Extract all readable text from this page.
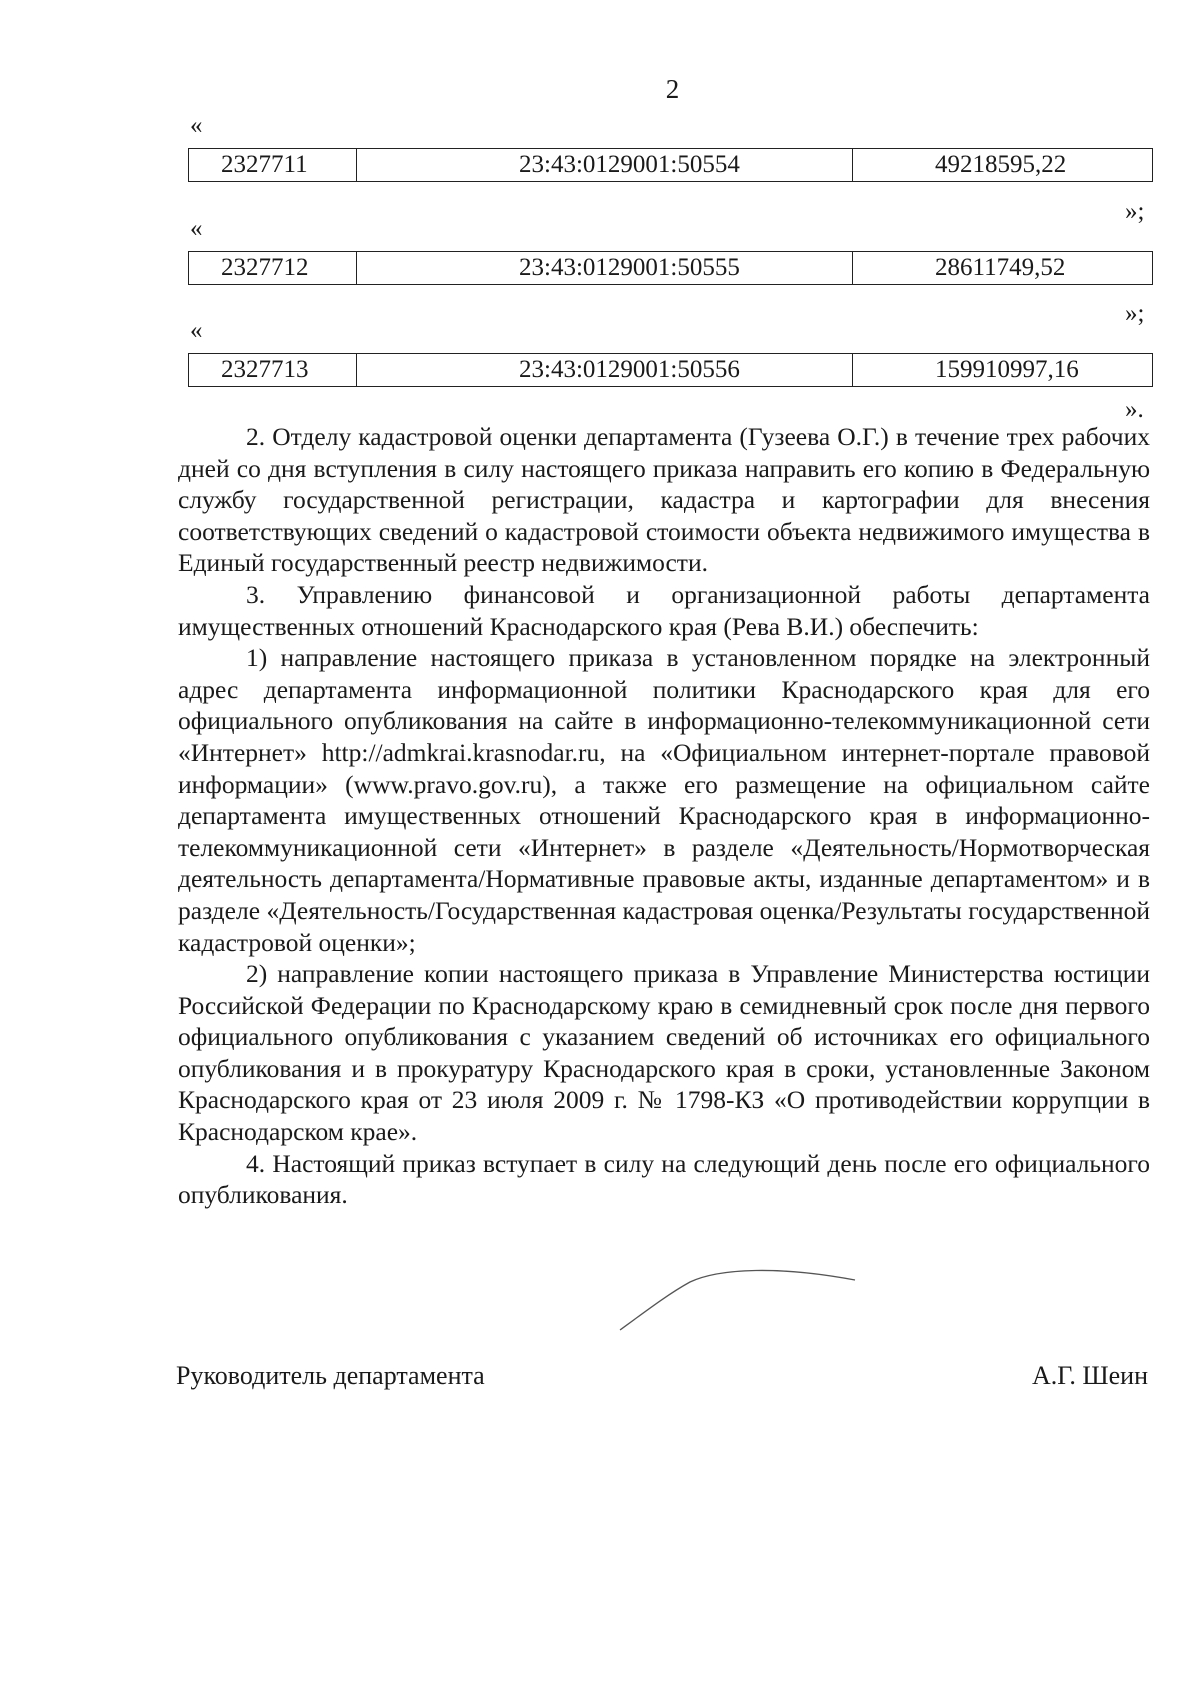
2
«
2327711	23:43:0129001:50554	49218595,22
»;
«
2327712	23:43:0129001:50555	28611749,52
»;
«
2327713	23:43:0129001:50556	159910997,16
».

2. Отделу кадастровой оценки департамента (Гузеева О.Г.) в течение трех рабочих дней со дня вступления в силу настоящего приказа направить его копию в Федеральную службу государственной регистрации, кадастра и картографии для внесения соответствующих сведений о кадастровой стоимости объекта недвижимого имущества в Единый государственный реестр недвижимости.

3. Управлению финансовой и организационной работы департамента имущественных отношений Краснодарского края (Рева В.И.) обеспечить:

1) направление настоящего приказа в установленном порядке на электронный адрес департамента информационной политики Краснодарского края для его официального опубликования на сайте в информационно-телекоммуникационной сети «Интернет» http://admkrai.krasnodar.ru, на «Официальном интернет-портале правовой информации» (www.pravo.gov.ru), а также его размещение на официальном сайте департамента имущественных отношений Краснодарского края в информационно-телекоммуникационной сети «Интернет» в разделе «Деятельность/Нормотворческая деятельность департамента/Нормативные правовые акты, изданные департаментом» и в разделе «Деятельность/Государственная кадастровая оценка/Результаты государственной кадастровой оценки»;

2) направление копии настоящего приказа в Управление Министерства юстиции Российской Федерации по Краснодарскому краю в семидневный срок после дня первого официального опубликования с указанием сведений об источниках его официального опубликования и в прокуратуру Краснодарского края в сроки, установленные Законом Краснодарского края от 23 июля 2009 г. № 1798-КЗ «О противодействии коррупции в Краснодарском крае».

4. Настоящий приказ вступает в силу на следующий день после его официального опубликования.

Руководитель департамента	А.Г. Шеин
